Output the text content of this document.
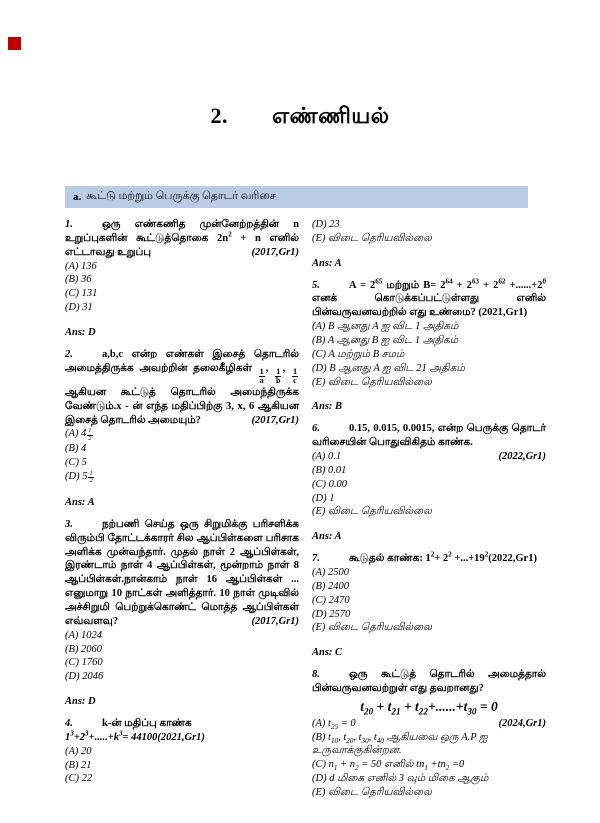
2. எண்ணியல்
a. கூட்டு மற்றும் பெருக்கு தொடர் வரிசை
1.	ஒரு எண்கணித முன்னேற்றத்தின் n உறுப்புகளின் கூட்டுத்தொகை $2n^2 + n$ எனில் எட்டாவது உறுப்பு	(2017,Gr1)
(A) 136
(B) 36
(C) 131
(D) 31
Ans: D
2.	a,b,c என்ற எண்கள் இசைத் தொடரில் அமைத்திருக்க அவற்றின் தலைகீழிகள் $\frac{1}{a}$ , $\frac{1}{b}$ , $\frac{1}{c}$
ஆகியன கூட்டுத் தொடரில் அமைந்திருக்க வேண்டும்.x - ன் எந்த மதிப்பிற்கு 3, x, 6 ஆகியன இசைத் தொடரில் அமையும்?	(2017,Gr1)
(A) 4 $^{\frac{1}{2}}$
(B) 4
(C) 5
(D) 5 $^{\frac{1}{2}}$
Ans: A
3.	நற்பணி செய்த ஒரு சிறுமிக்கு பரிசளிக்க விரும்பி தோட்டக்காரர் சில ஆப்பிள்களை பரிசாக அளிக்க முன்வந்தார். முதல் நாள் 2 ஆப்பிள்கள், இரண்டாம் நாள் 4 ஆப்பிள்கள், மூன்றாம் நாள் 8 ஆப்பிள்கள்.நான்காம் நாள் 16 ஆப்பிள்கள் ... எனுமாறு 10 நாட்கள் அளித்தார். 10 நாள் முடிவில் அச்சிறுமி பெற்றுக்கொண்ட் மொத்த ஆப்பிள்கள் எவ்வளவு?	(2017,Gr1)
(A) 1024
(B) 2060
(C) 1760
(D) 2046
Ans: D
4.	k-ன் மதிப்பு காண்க
$1^3+2^3+.....+k^3= 44100(2021,Gr1)$
(A) 20
(B) 21
(C) 22
(D) 23
(E) விடை தெரியவில்லை
Ans: A
5.	$A = 2^{65}$ மற்றும் $B= 2^{64} + 2^{63} + 2^{62} +......+2^0$ எனக் கொடுக்கப்பட்டுள்ளது எனில் பின்வருவனவற்றில் எது உண்மை? (2021,Gr1)
(A) B ஆனது A ஐ விட 1 அதிகம்
(B) A ஆனது B ஐ விட 1 அதிகம்
(C) A மற்றும் B சமம்
(D) B ஆனது A ஐ விட 21 அதிகம்
(E) விடை தெரியவில்லை
Ans: B
6.	0.15, 0.015, 0.0015, என்ற பெருக்கு தொடர் வரிசையின் பொதுவிகிதம் காண்க.
(A) 0.1	(2022,Gr1)
(B) 0.01
(C) 0.00
(D) 1
(E) விடை தெரியவில்லை
Ans: A
7.	கூடுதல் காண்க: $1^2+ 2^2 +...+19^2(2022,Gr1)$
(A) 2500
(B) 2400
(C) 2470
(D) 2570
(E) விடை தெரியவில்லை
Ans: C
8.	ஒரு கூட்டுத் தொடரில் அமைத்தால் பின்வருவனவற்றுள் எது தவறானது?
$t_{20} + t_{21} + t_{22}+......+t_{30} = 0$
(A) $t_{25} = 0$	(2024,Gr1)
(B) $t_{10}$, $t_{20}$, $t_{30}$, $t_{40}$ ஆகியவை ஒரு A.P ஐ உருவாக்குகின்றன.
(C) $n_1 + n_2 = 50$ எனில் $tn_1 +tn_2 =0$
(D) d மிகை எனில் 3 வும் மிகை ஆகும்
(E) விடை தெரியவில்லை
